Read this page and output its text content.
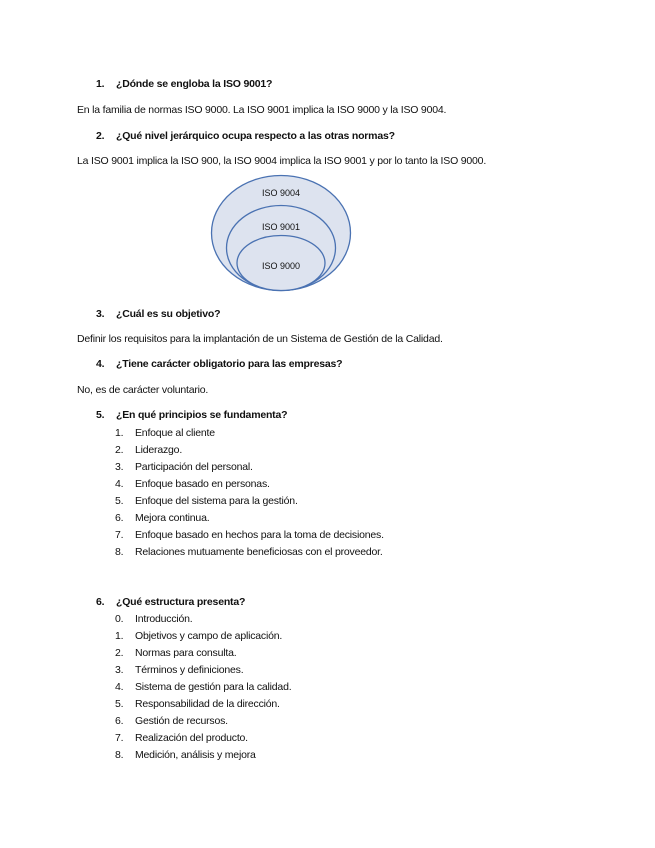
1. ¿Dónde se engloba la ISO 9001?
En la familia de normas ISO 9000. La ISO 9001 implica la ISO 9000 y la ISO 9004.
2. ¿Qué nivel jerárquico ocupa respecto a las otras normas?
La ISO 9001 implica la ISO 900, la ISO 9004 implica la ISO 9001 y por lo tanto la ISO 9000.
ISO 9004
ISO 9001
ISO 9000
3. ¿Cuál es su objetivo?
Definir los requisitos para la implantación de un Sistema de Gestión de la Calidad.
4. ¿Tiene carácter obligatorio para las empresas?
No, es de carácter voluntario.
5. ¿En qué principios se fundamenta?
1. Enfoque al cliente
2. Liderazgo.
3. Participación del personal.
4. Enfoque basado en personas.
5. Enfoque del sistema para la gestión.
6. Mejora continua.
7. Enfoque basado en hechos para la toma de decisiones.
8. Relaciones mutuamente beneficiosas con el proveedor.
6. ¿Qué estructura presenta?
0. Introducción.
1. Objetivos y campo de aplicación.
2. Normas para consulta.
3. Términos y definiciones.
4. Sistema de gestión para la calidad.
5. Responsabilidad de la dirección.
6. Gestión de recursos.
7. Realización del producto.
8. Medición, análisis y mejora
